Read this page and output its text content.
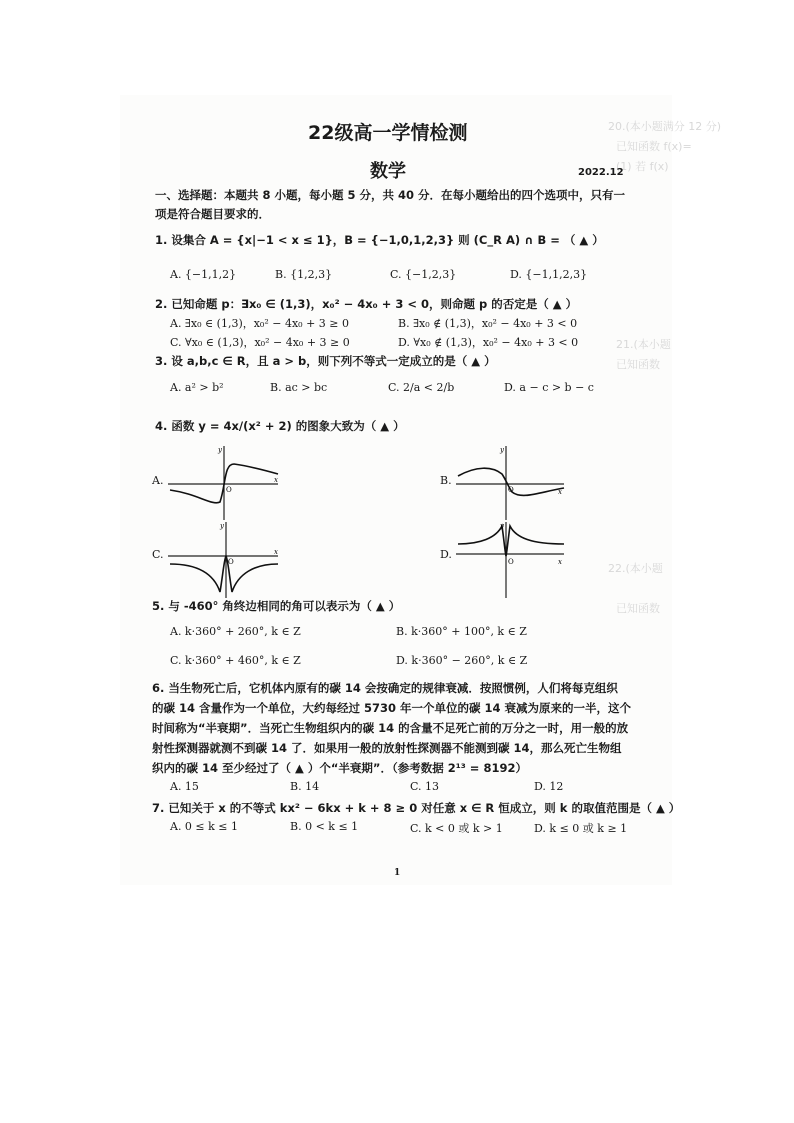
20.(本小题满分 12 分)
已知函数 f(x)=
(1) 若 f(x)
21.(本小题
已知函数
22.(本小题
已知函数
22级高一学情检测
数学	2022.12
一、选择题：本题共 8 小题，每小题 5 分，共 40 分．在每小题给出的四个选项中，只有一
项是符合题目要求的．
1. 设集合 A = {x|−1 < x ≤ 1}，B = {−1,0,1,2,3} 则 (C_R A) ∩ B = （ ▲ ）
A. {−1,1,2}	B. {1,2,3}	C. {−1,2,3}	D. {−1,1,2,3}
2. 已知命题 p：∃x₀ ∈ (1,3)，x₀² − 4x₀ + 3 < 0，则命题 p 的否定是（ ▲ ）
A. ∃x₀ ∈ (1,3)，x₀² − 4x₀ + 3 ≥ 0	B. ∃x₀ ∉ (1,3)，x₀² − 4x₀ + 3 < 0
C. ∀x₀ ∈ (1,3)，x₀² − 4x₀ + 3 ≥ 0	D. ∀x₀ ∉ (1,3)，x₀² − 4x₀ + 3 < 0
3. 设 a,b,c ∈ R，且 a > b，则下列不等式一定成立的是（ ▲ ）
A. a² > b²	B. ac > bc	C. 2/a < 2/b	D. a − c > b − c
4. 函数 y = 4x/(x² + 2) 的图象大致为（ ▲ ）
A.	B.
C.	D.
y
x
O
y
x
O
y
x
O
y
x
O
5. 与 -460° 角终边相同的角可以表示为（ ▲ ）
A. k·360° + 260°, k ∈ Z	B. k·360° + 100°, k ∈ Z
C. k·360° + 460°, k ∈ Z	D. k·360° − 260°, k ∈ Z
6. 当生物死亡后，它机体内原有的碳 14 会按确定的规律衰减．按照惯例，人们将每克组织
的碳 14 含量作为一个单位，大约每经过 5730 年一个单位的碳 14 衰减为原来的一半，这个
时间称为“半衰期”．当死亡生物组织内的碳 14 的含量不足死亡前的万分之一时，用一般的放
射性探测器就测不到碳 14 了．如果用一般的放射性探测器不能测到碳 14，那么死亡生物组
织内的碳 14 至少经过了（ ▲ ）个“半衰期”．（参考数据 2¹³ = 8192）
A. 15	B. 14	C. 13	D. 12
7. 已知关于 x 的不等式 kx² − 6kx + k + 8 ≥ 0 对任意 x ∈ R 恒成立，则 k 的取值范围是（ ▲ ）
A. 0 ≤ k ≤ 1	B. 0 < k ≤ 1	C. k < 0 或 k > 1	D. k ≤ 0 或 k ≥ 1
1
